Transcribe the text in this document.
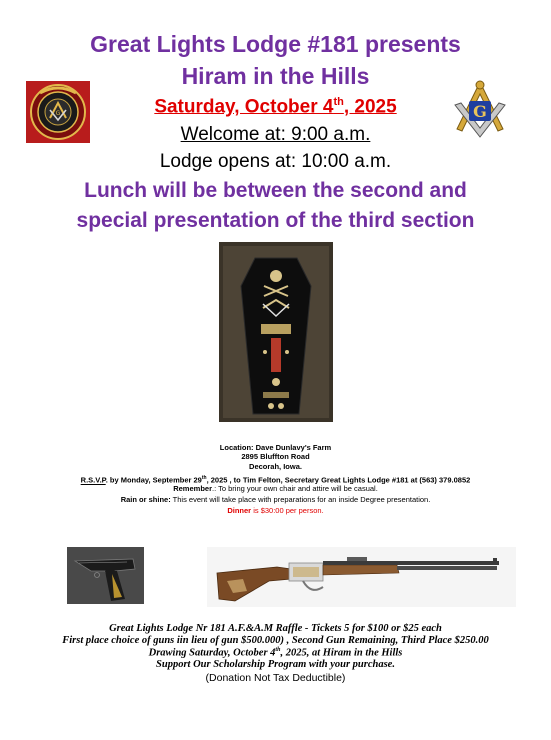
Great Lights Lodge #181 presents
Hiram in the Hills
Saturday, October 4th, 2025
Welcome at: 9:00 a.m.
Lodge opens at: 10:00 a.m.
Lunch will be between the second and
special presentation of the third section
G	G
Location: Dave Dunlavy's Farm
2895 Bluffton Road
Decorah, Iowa.
R.S.V.P. by Monday, September 29th, 2025 , to Tim Felton, Secretary Great Lights Lodge #181 at (563) 379.0852
Remember.: To bring your own chair and attire will be casual.
Rain or shine: This event will take place with preparations for an inside Degree presentation.
Dinner is $30:00 per person.
Great Lights Lodge Nr 181 A.F.&A.M Raffle - Tickets 5 for $100 or $25 each
First place choice of guns iin lieu of gun $500.000) , Second Gun Remaining, Third Place $250.00
Drawing Saturday, October 4th, 2025, at Hiram in the Hills
Support Our Scholarship Program with your purchase.
(Donation Not Tax Deductible)
